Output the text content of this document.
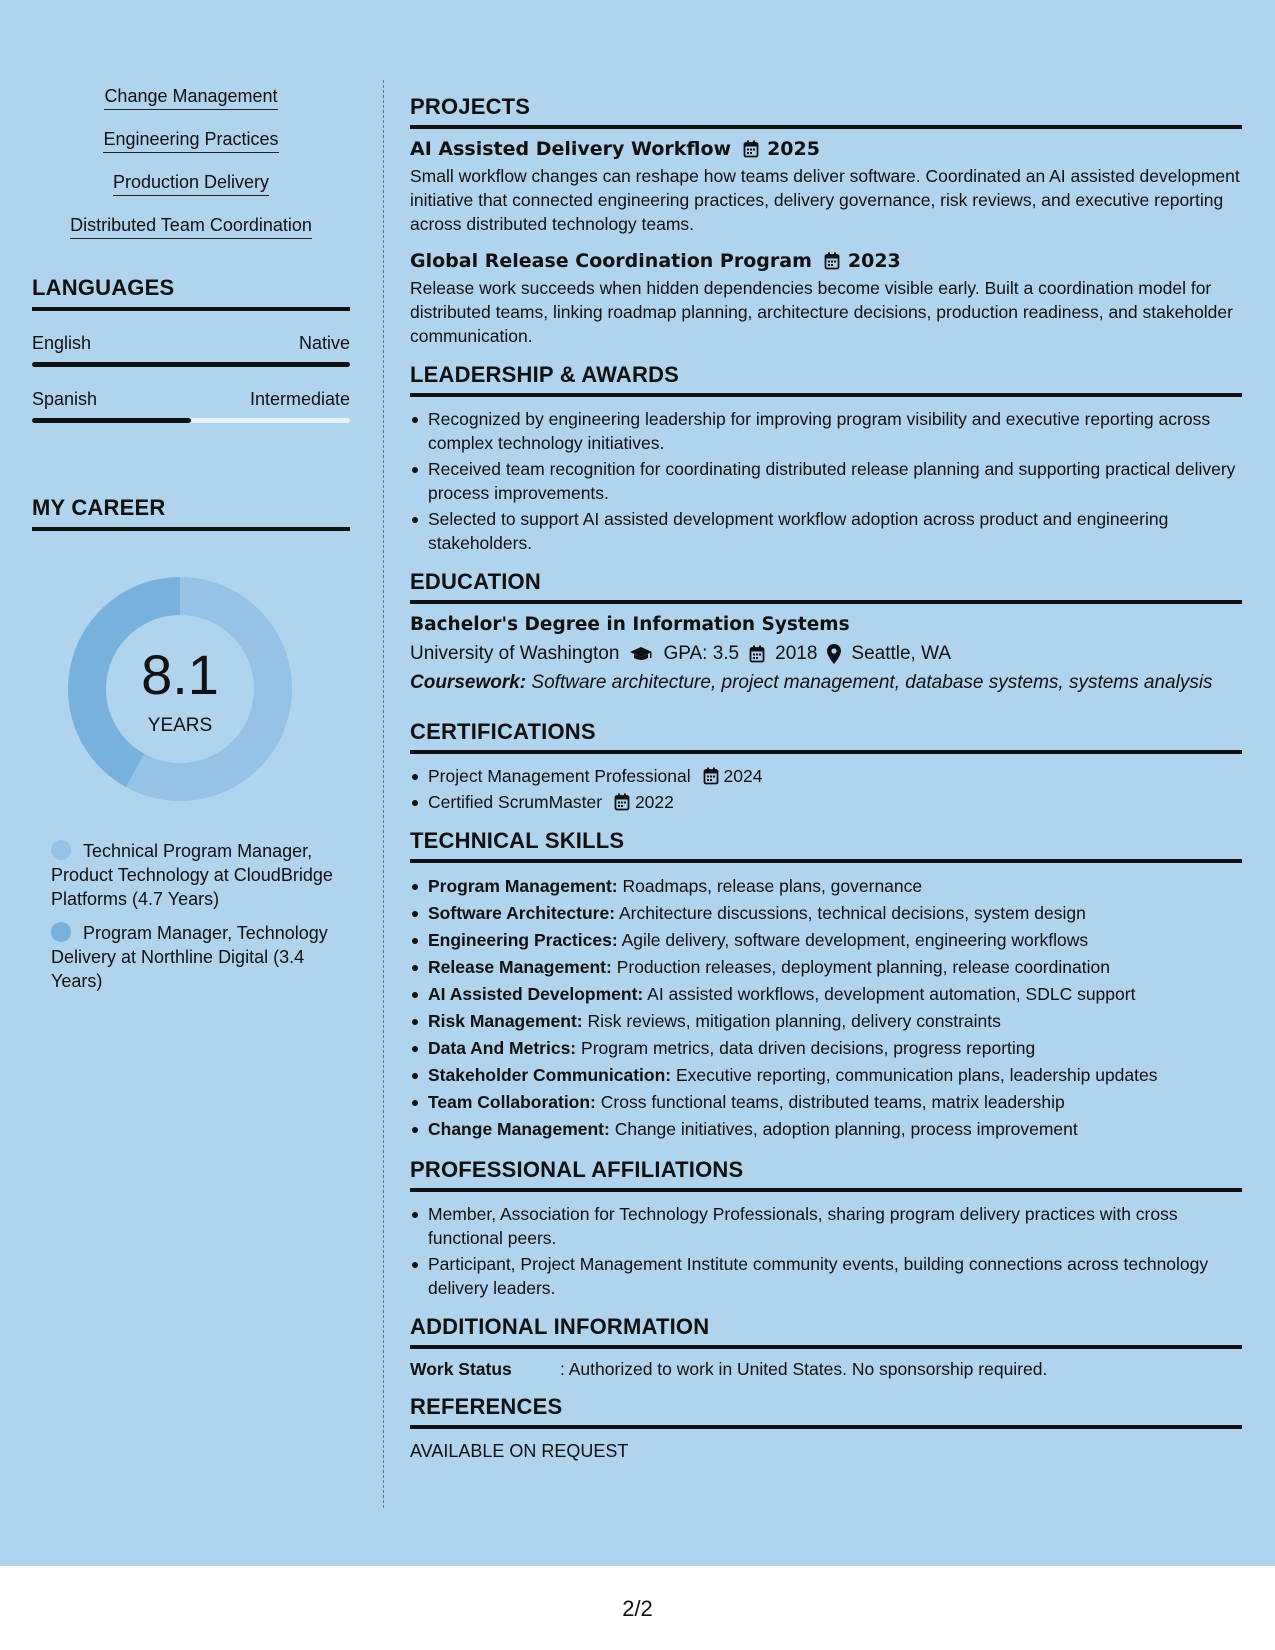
2/2
Change Management
Engineering Practices
Production Delivery
Distributed Team Coordination
LANGUAGES
English	Native
Spanish	Intermediate
MY CAREER
8.1
YEARS
Technical Program Manager, Product Technology at CloudBridge Platforms (4.7 Years)
Program Manager, Technology Delivery at Northline Digital (3.4 Years)
PROJECTS
AI Assisted Delivery Workflow 2025
Small workflow changes can reshape how teams deliver software. Coordinated an AI assisted development initiative that connected engineering practices, delivery governance, risk reviews, and executive reporting across distributed technology teams.
Global Release Coordination Program 2023
Release work succeeds when hidden dependencies become visible early. Built a coordination model for distributed teams, linking roadmap planning, architecture decisions, production readiness, and stakeholder communication.
LEADERSHIP & AWARDS
Recognized by engineering leadership for improving program visibility and executive reporting across complex technology initiatives.
Received team recognition for coordinating distributed release planning and supporting practical delivery process improvements.
Selected to support AI assisted development workflow adoption across product and engineering stakeholders.
EDUCATION
Bachelor's Degree in Information Systems
University of Washington GPA: 3.5 2018 Seattle, WA
Coursework: Software architecture, project management, database systems, systems analysis
CERTIFICATIONS
Project Management Professional 2024
Certified ScrumMaster 2022
TECHNICAL SKILLS
Program Management: Roadmaps, release plans, governance
Software Architecture: Architecture discussions, technical decisions, system design
Engineering Practices: Agile delivery, software development, engineering workflows
Release Management: Production releases, deployment planning, release coordination
AI Assisted Development: AI assisted workflows, development automation, SDLC support
Risk Management: Risk reviews, mitigation planning, delivery constraints
Data And Metrics: Program metrics, data driven decisions, progress reporting
Stakeholder Communication: Executive reporting, communication plans, leadership updates
Team Collaboration: Cross functional teams, distributed teams, matrix leadership
Change Management: Change initiatives, adoption planning, process improvement
PROFESSIONAL AFFILIATIONS
Member, Association for Technology Professionals, sharing program delivery practices with cross functional peers.
Participant, Project Management Institute community events, building connections across technology delivery leaders.
ADDITIONAL INFORMATION
Work Status	: Authorized to work in United States. No sponsorship required.
REFERENCES
AVAILABLE ON REQUEST
